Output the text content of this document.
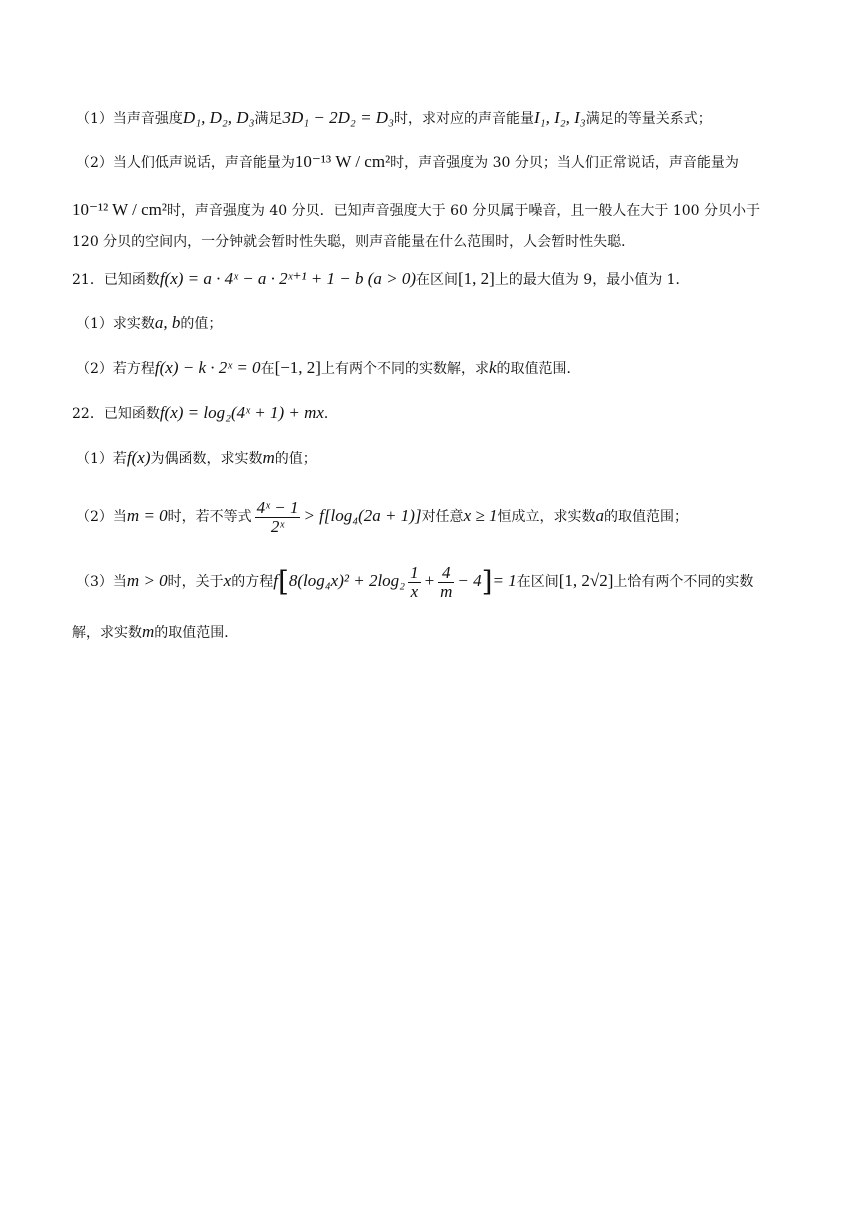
（1）当声音强度D₁, D₂, D₃满足3D₁ − 2D₂ = D₃时，求对应的声音能量I₁, I₂, I₃满足的等量关系式；
（2）当人们低声说话，声音能量为10⁻¹³ W / cm²时，声音强度为 30 分贝；当人们正常说话，声音能量为
10⁻¹² W / cm²时，声音强度为 40 分贝．已知声音强度大于 60 分贝属于噪音，且一般人在大于 100 分贝小于
120 分贝的空间内，一分钟就会暂时性失聪，则声音能量在什么范围时，人会暂时性失聪．
21．已知函数f(x) = a · 4ˣ − a · 2ˣ⁺¹ + 1 − b (a > 0)在区间[1, 2]上的最大值为 9，最小值为 1．
（1）求实数a, b的值；
（2）若方程f(x) − k · 2ˣ = 0在[−1, 2]上有两个不同的实数解，求k的取值范围．
22．已知函数f(x) = log₂(4ˣ + 1) + mx．
（1）若f(x)为偶函数，求实数m的值；
（2）当m = 0时，若不等式 $\frac{\text{4ˣ − 1}}{\text{2ˣ}} > f[\log_4(2a + 1)]$对任意x ≥ 1恒成立，求实数a的取值范围；
（3）当m > 0时，关于x的方程$f[8(\log_4x)^2 + 2\log_2 \frac{1}{x} + \frac{4}{m} - 4]= 1$在区间[1, 2√2]上恰有两个不同的实数
解，求实数m的取值范围．
